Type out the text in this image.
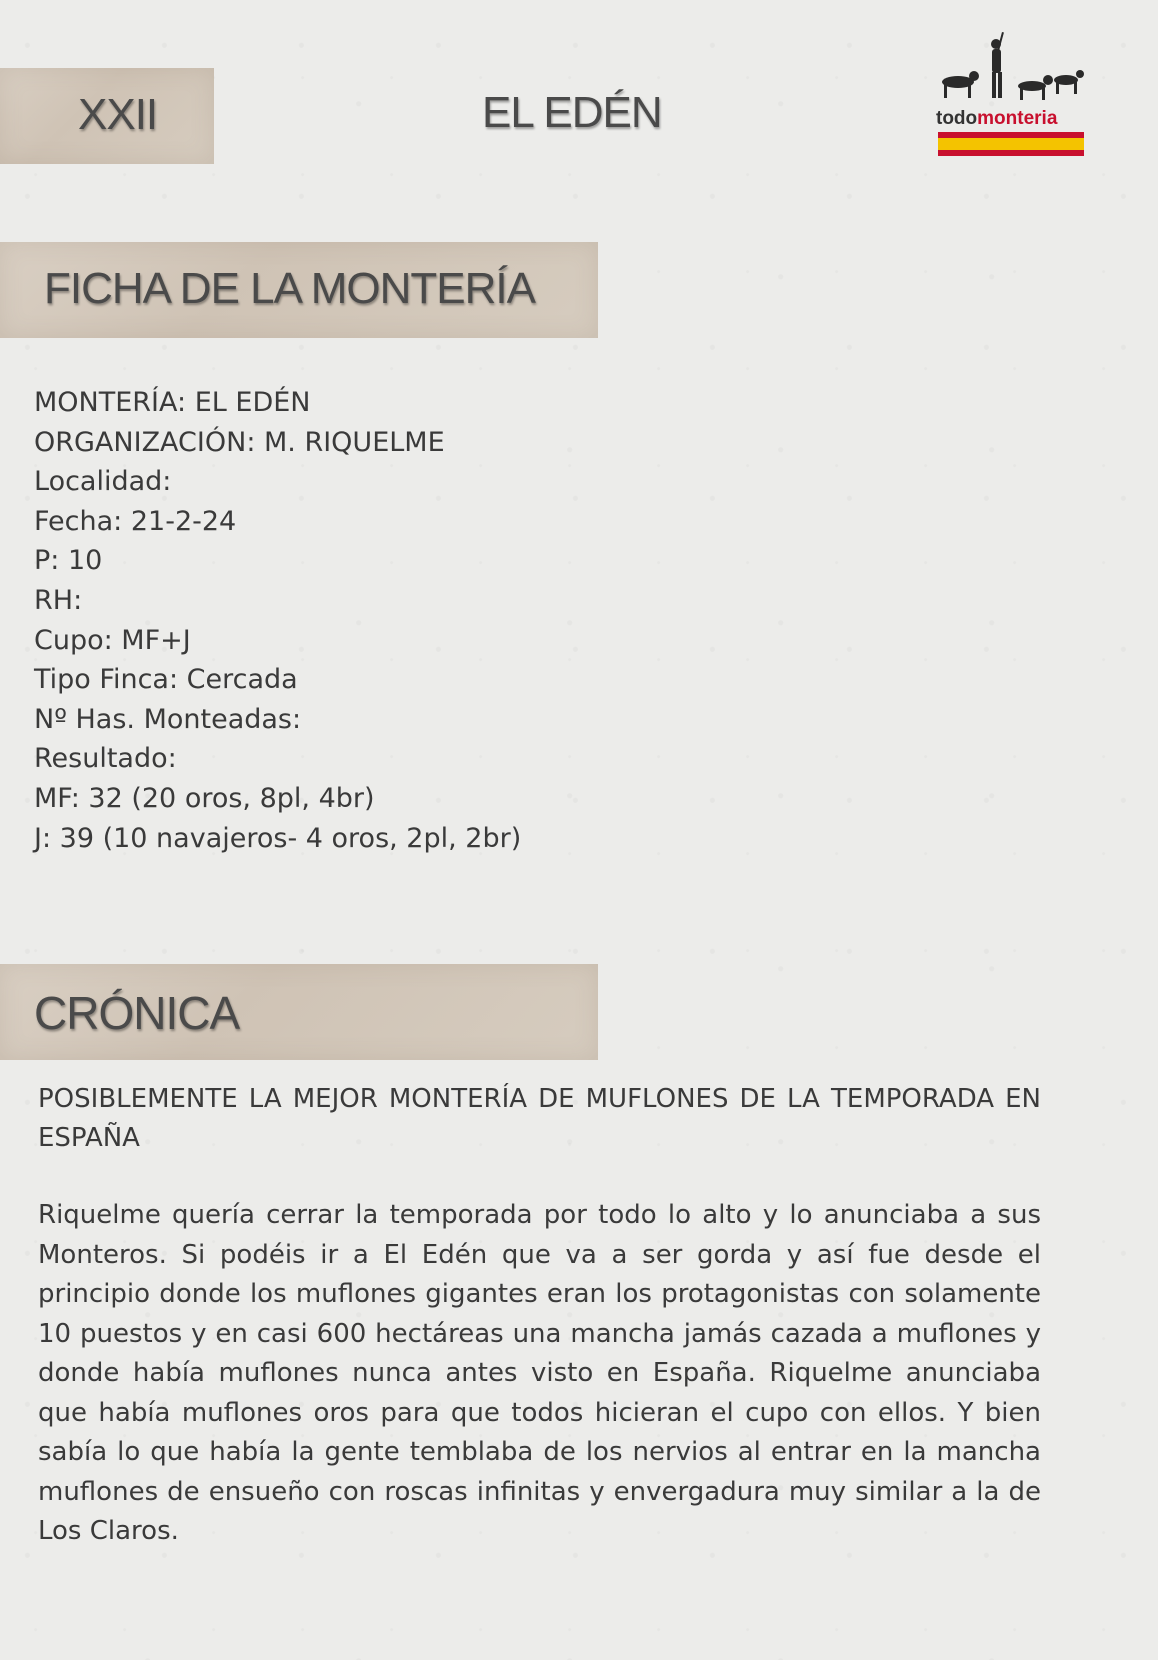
XXII	EL EDÉN	todomonteria
FICHA DE LA MONTERÍA
MONTERÍA: EL EDÉN
ORGANIZACIÓN: M. RIQUELME
Localidad:
Fecha: 21-2-24
P: 10
RH:
Cupo: MF+J
Tipo Finca: Cercada
Nº Has. Monteadas:
Resultado:
MF: 32 (20 oros, 8pl, 4br)
J: 39 (10 navajeros- 4 oros, 2pl, 2br)
CRÓNICA

POSIBLEMENTE LA MEJOR MONTERÍA DE MUFLONES DE LA TEMPORADA EN ESPAÑA

Riquelme quería cerrar la temporada por todo lo alto y lo anunciaba a sus Monteros. Si podéis ir a El Edén que va a ser gorda y así fue desde el principio donde los muflones gigantes eran los protagonistas con solamente 10 puestos y en casi 600 hectáreas una mancha jamás cazada a muflones y donde había muflones nunca antes visto en España. Riquelme anunciaba que había muflones oros para que todos hicieran el cupo con ellos. Y bien sabía lo que había la gente temblaba de los nervios al entrar en la mancha muflones de ensueño con roscas infinitas y envergadura muy similar a la de Los Claros.
